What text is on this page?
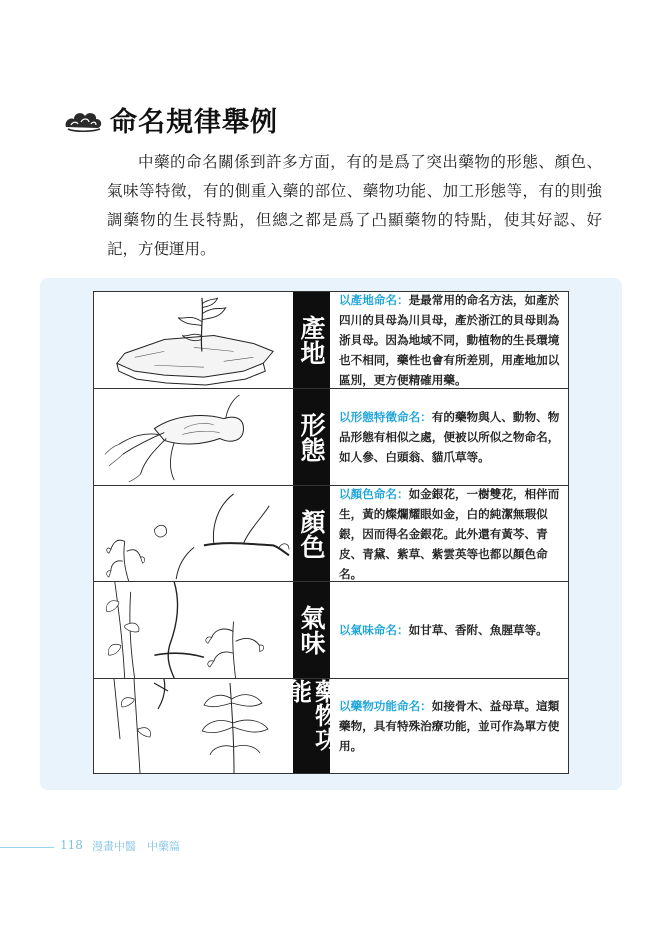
命名規律舉例

中藥的命名關係到許多方面，有的是爲了突出藥物的形態、顏色、氣味等特徵，有的側重入藥的部位、藥物功能、加工形態等，有的則強調藥物的生長特點，但總之都是爲了凸顯藥物的特點，使其好認、好記，方便運用。

產地

以產地命名：是最常用的命名方法，如產於四川的貝母為川貝母，產於浙江的貝母則為浙貝母。因為地域不同，動植物的生長環境也不相同，藥性也會有所差別，用產地加以區別，更方便精確用藥。

形態 以形態特徵命名：有的藥物與人、動物、物品形態有相似之處，便被以所似之物命名，如人參、白頭翁、貓爪草等。

顏色

以顏色命名：如金銀花，一樹雙花，相伴而生，黃的燦爛耀眼如金，白的純潔無瑕似銀，因而得名金銀花。此外還有黃芩、青皮、青黛、紫草、紫雲英等也都以顏色命名。

氣味 以氣味命名：如甘草、香附、魚腥草等。

藥物功能

以藥物功能命名：如接骨木、益母草。這類藥物，具有特殊治療功能，並可作為單方使用。

118 漫畫中醫　中藥篇
